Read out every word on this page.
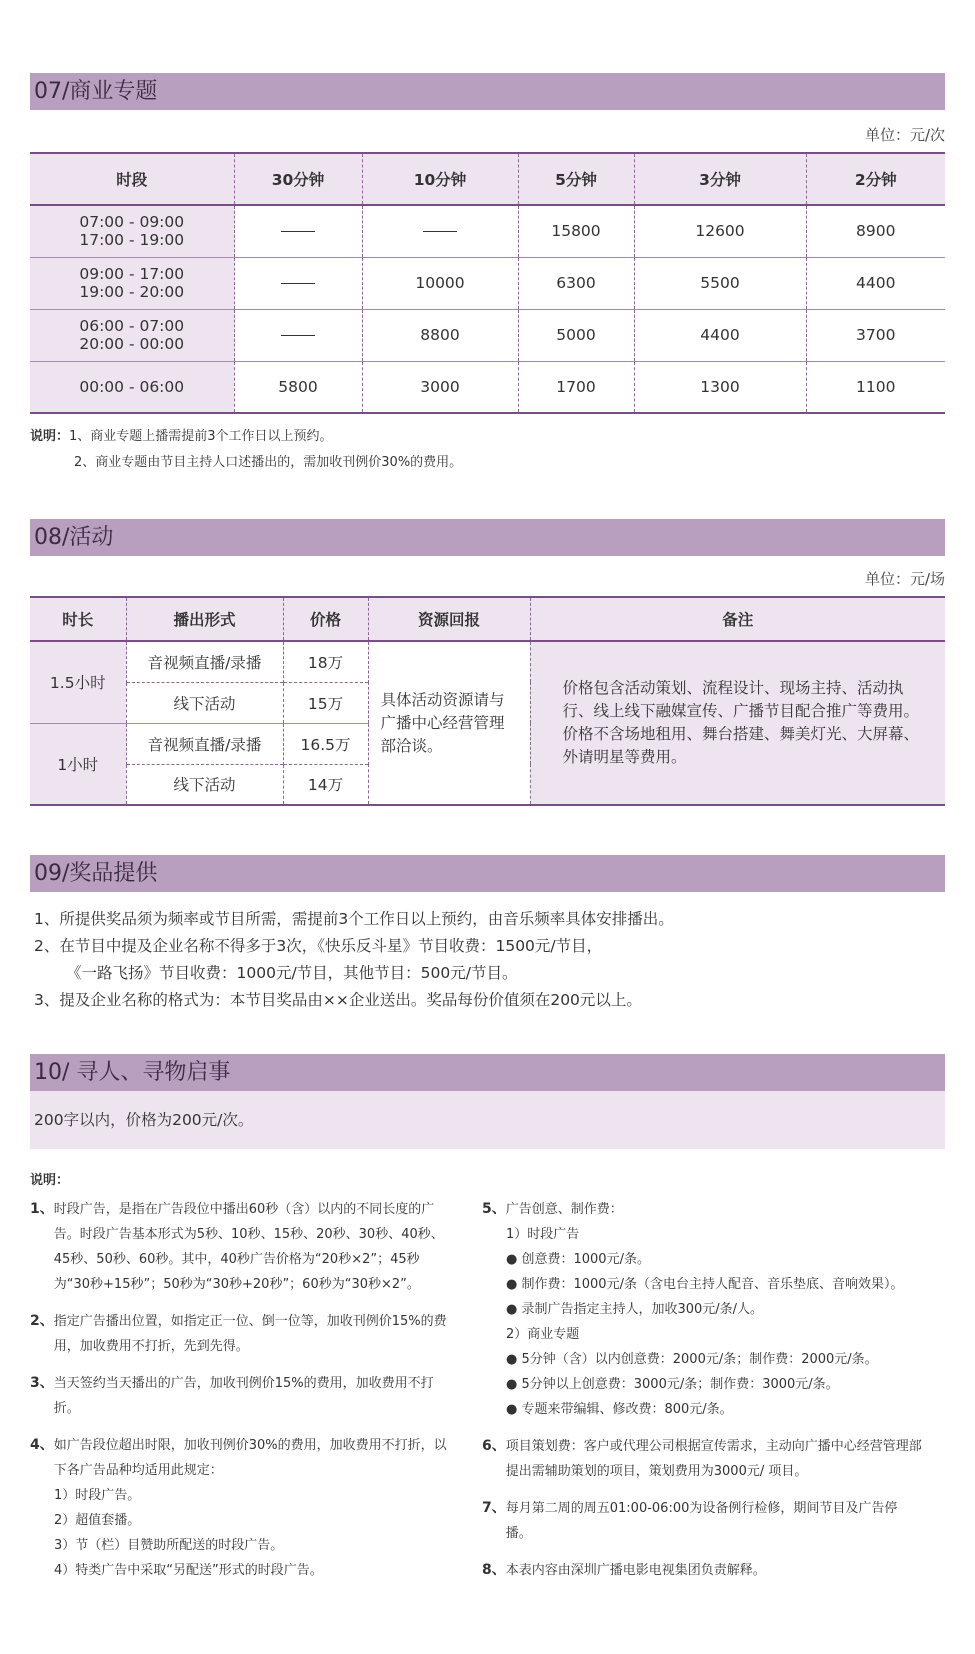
07/商业专题
单位：元/次
时段	30分钟	10分钟	5分钟	3分钟	2分钟

07:00 - 09:00
17:00 - 19:00			15800	12600	8900

09:00 - 17:00
19:00 - 20:00		10000	6300	5500	4400

06:00 - 07:00
20:00 - 00:00		8800	5000	4400	3700
00:00 - 06:00	5800	3000	1700	1300	1100
说明：1、商业专题上播需提前3个工作日以上预约。
2、商业专题由节目主持人口述播出的，需加收刊例价30%的费用。
08/活动
单位：元/场
时长	播出形式	价格	资源回报	备注
1.5小时	音视频直播/录播	18万	具体活动资源请与广播中心经营管理部洽谈。	价格包含活动策划、流程设计、现场主持、活动执行、线上线下融媒宣传、广播节目配合推广等费用。
价格不含场地租用、舞台搭建、舞美灯光、大屏幕、外请明星等费用。

	线下活动	15万		
1小时	音视频直播/录播	16.5万		
	线下活动	14万		
09/奖品提供
1、所提供奖品须为频率或节目所需，需提前3个工作日以上预约，由音乐频率具体安排播出。
2、在节目中提及企业名称不得多于3次，《快乐反斗星》节目收费：1500元/节目，
《一路飞扬》节目收费：1000元/节目，其他节目：500元/节目。
3、提及企业名称的格式为：本节目奖品由××企业送出。奖品每份价值须在200元以上。
10/ 寻人、寻物启事
200字以内，价格为200元/次。
说明：
1、 时段广告，是指在广告段位中播出60秒（含）以内的不同长度的广告。时段广告基本形式为5秒、10秒、15秒、20秒、30秒、40秒、45秒、50秒、60秒。其中，40秒广告价格为“20秒×2”；45秒为“30秒+15秒”；50秒为“30秒+20秒”；60秒为“30秒×2”。
2、 指定广告播出位置，如指定正一位、倒一位等，加收刊例价15%的费用，加收费用不打折，先到先得。
3、 当天签约当天播出的广告，加收刊例价15%的费用，加收费用不打折。
4、 如广告段位超出时限，加收刊例价30%的费用，加收费用不打折，以下各广告品种均适用此规定：
1）时段广告。
2）超值套播。
3）节（栏）目赞助所配送的时段广告。
4）特类广告中采取“另配送”形式的时段广告。
5、 广告创意、制作费：
1）时段广告
● 创意费：1000元/条。
● 制作费：1000元/条（含电台主持人配音、音乐垫底、音响效果）。
● 录制广告指定主持人，加收300元/条/人。
2）商业专题
● 5分钟（含）以内创意费：2000元/条；制作费：2000元/条。
● 5分钟以上创意费：3000元/条；制作费：3000元/条。
● 专题来带编辑、修改费：800元/条。
6、 项目策划费：客户或代理公司根据宣传需求，主动向广播中心经营管理部提出需辅助策划的项目，策划费用为3000元/ 项目。
7、 每月第二周的周五01:00-06:00为设备例行检修，期间节目及广告停播。
8、 本表内容由深圳广播电影电视集团负责解释。
